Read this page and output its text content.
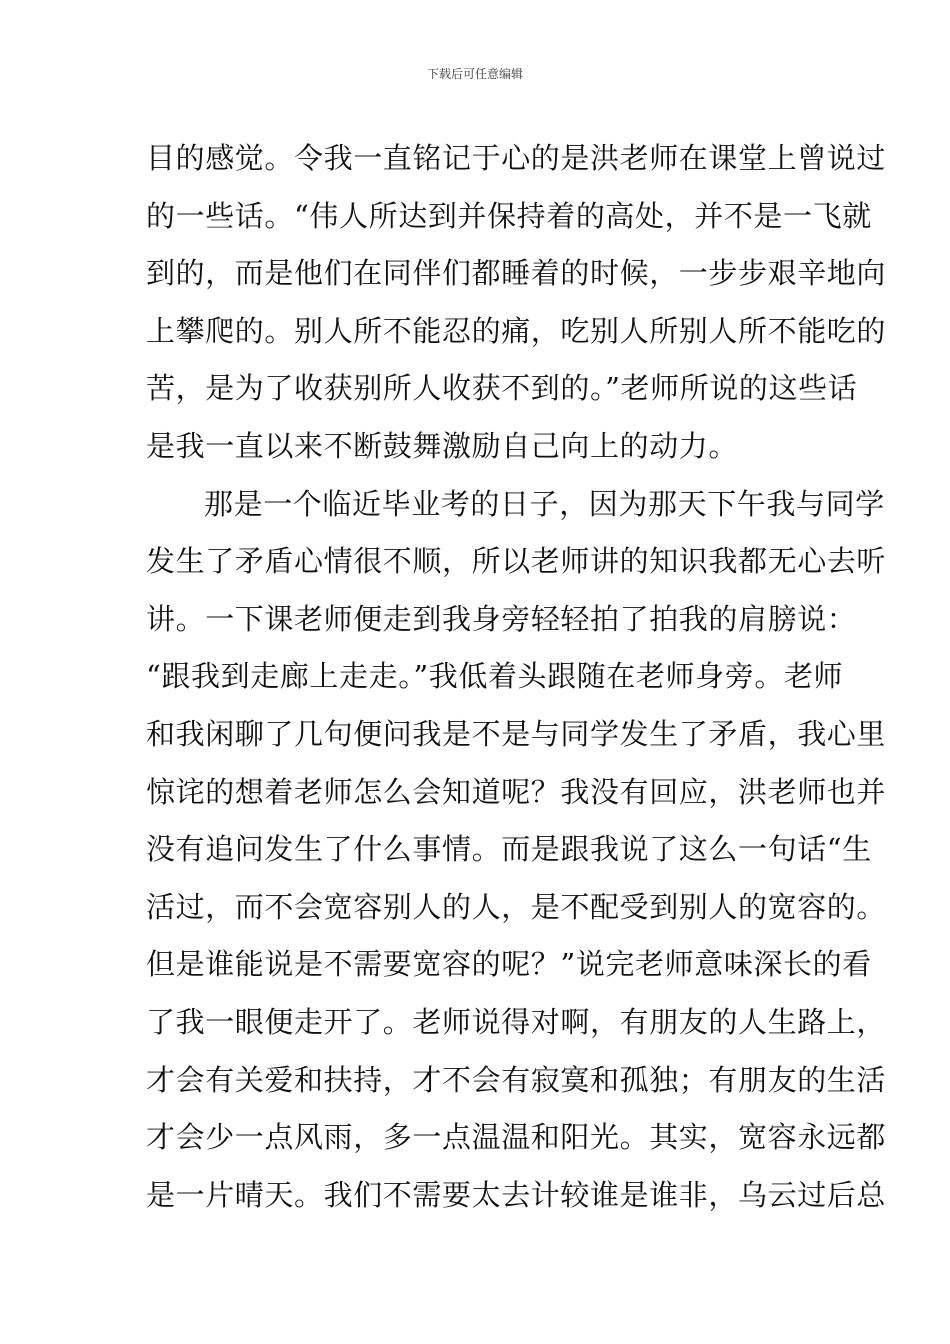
下载后可任意编辑
目的感觉。令我一直铭记于心的是洪老师在课堂上曾说过
的一些话。“伟人所达到并保持着的高处，并不是一飞就
到的，而是他们在同伴们都睡着的时候，一步步艰辛地向
上攀爬的。别人所不能忍的痛，吃别人所别人所不能吃的
苦，是为了收获别所人收获不到的。”老师所说的这些话
是我一直以来不断鼓舞激励自己向上的动力。
那是一个临近毕业考的日子，因为那天下午我与同学
发生了矛盾心情很不顺，所以老师讲的知识我都无心去听
讲。一下课老师便走到我身旁轻轻拍了拍我的肩膀说：
“跟我到走廊上走走。”我低着头跟随在老师身旁。老师
和我闲聊了几句便问我是不是与同学发生了矛盾，我心里
惊诧的想着老师怎么会知道呢？我没有回应，洪老师也并
没有追问发生了什么事情。而是跟我说了这么一句话“生
活过，而不会宽容别人的人，是不配受到别人的宽容的。
但是谁能说是不需要宽容的呢？”说完老师意味深长的看
了我一眼便走开了。老师说得对啊，有朋友的人生路上，
才会有关爱和扶持，才不会有寂寞和孤独；有朋友的生活
才会少一点风雨，多一点温温和阳光。其实，宽容永远都
是一片晴天。我们不需要太去计较谁是谁非，乌云过后总
